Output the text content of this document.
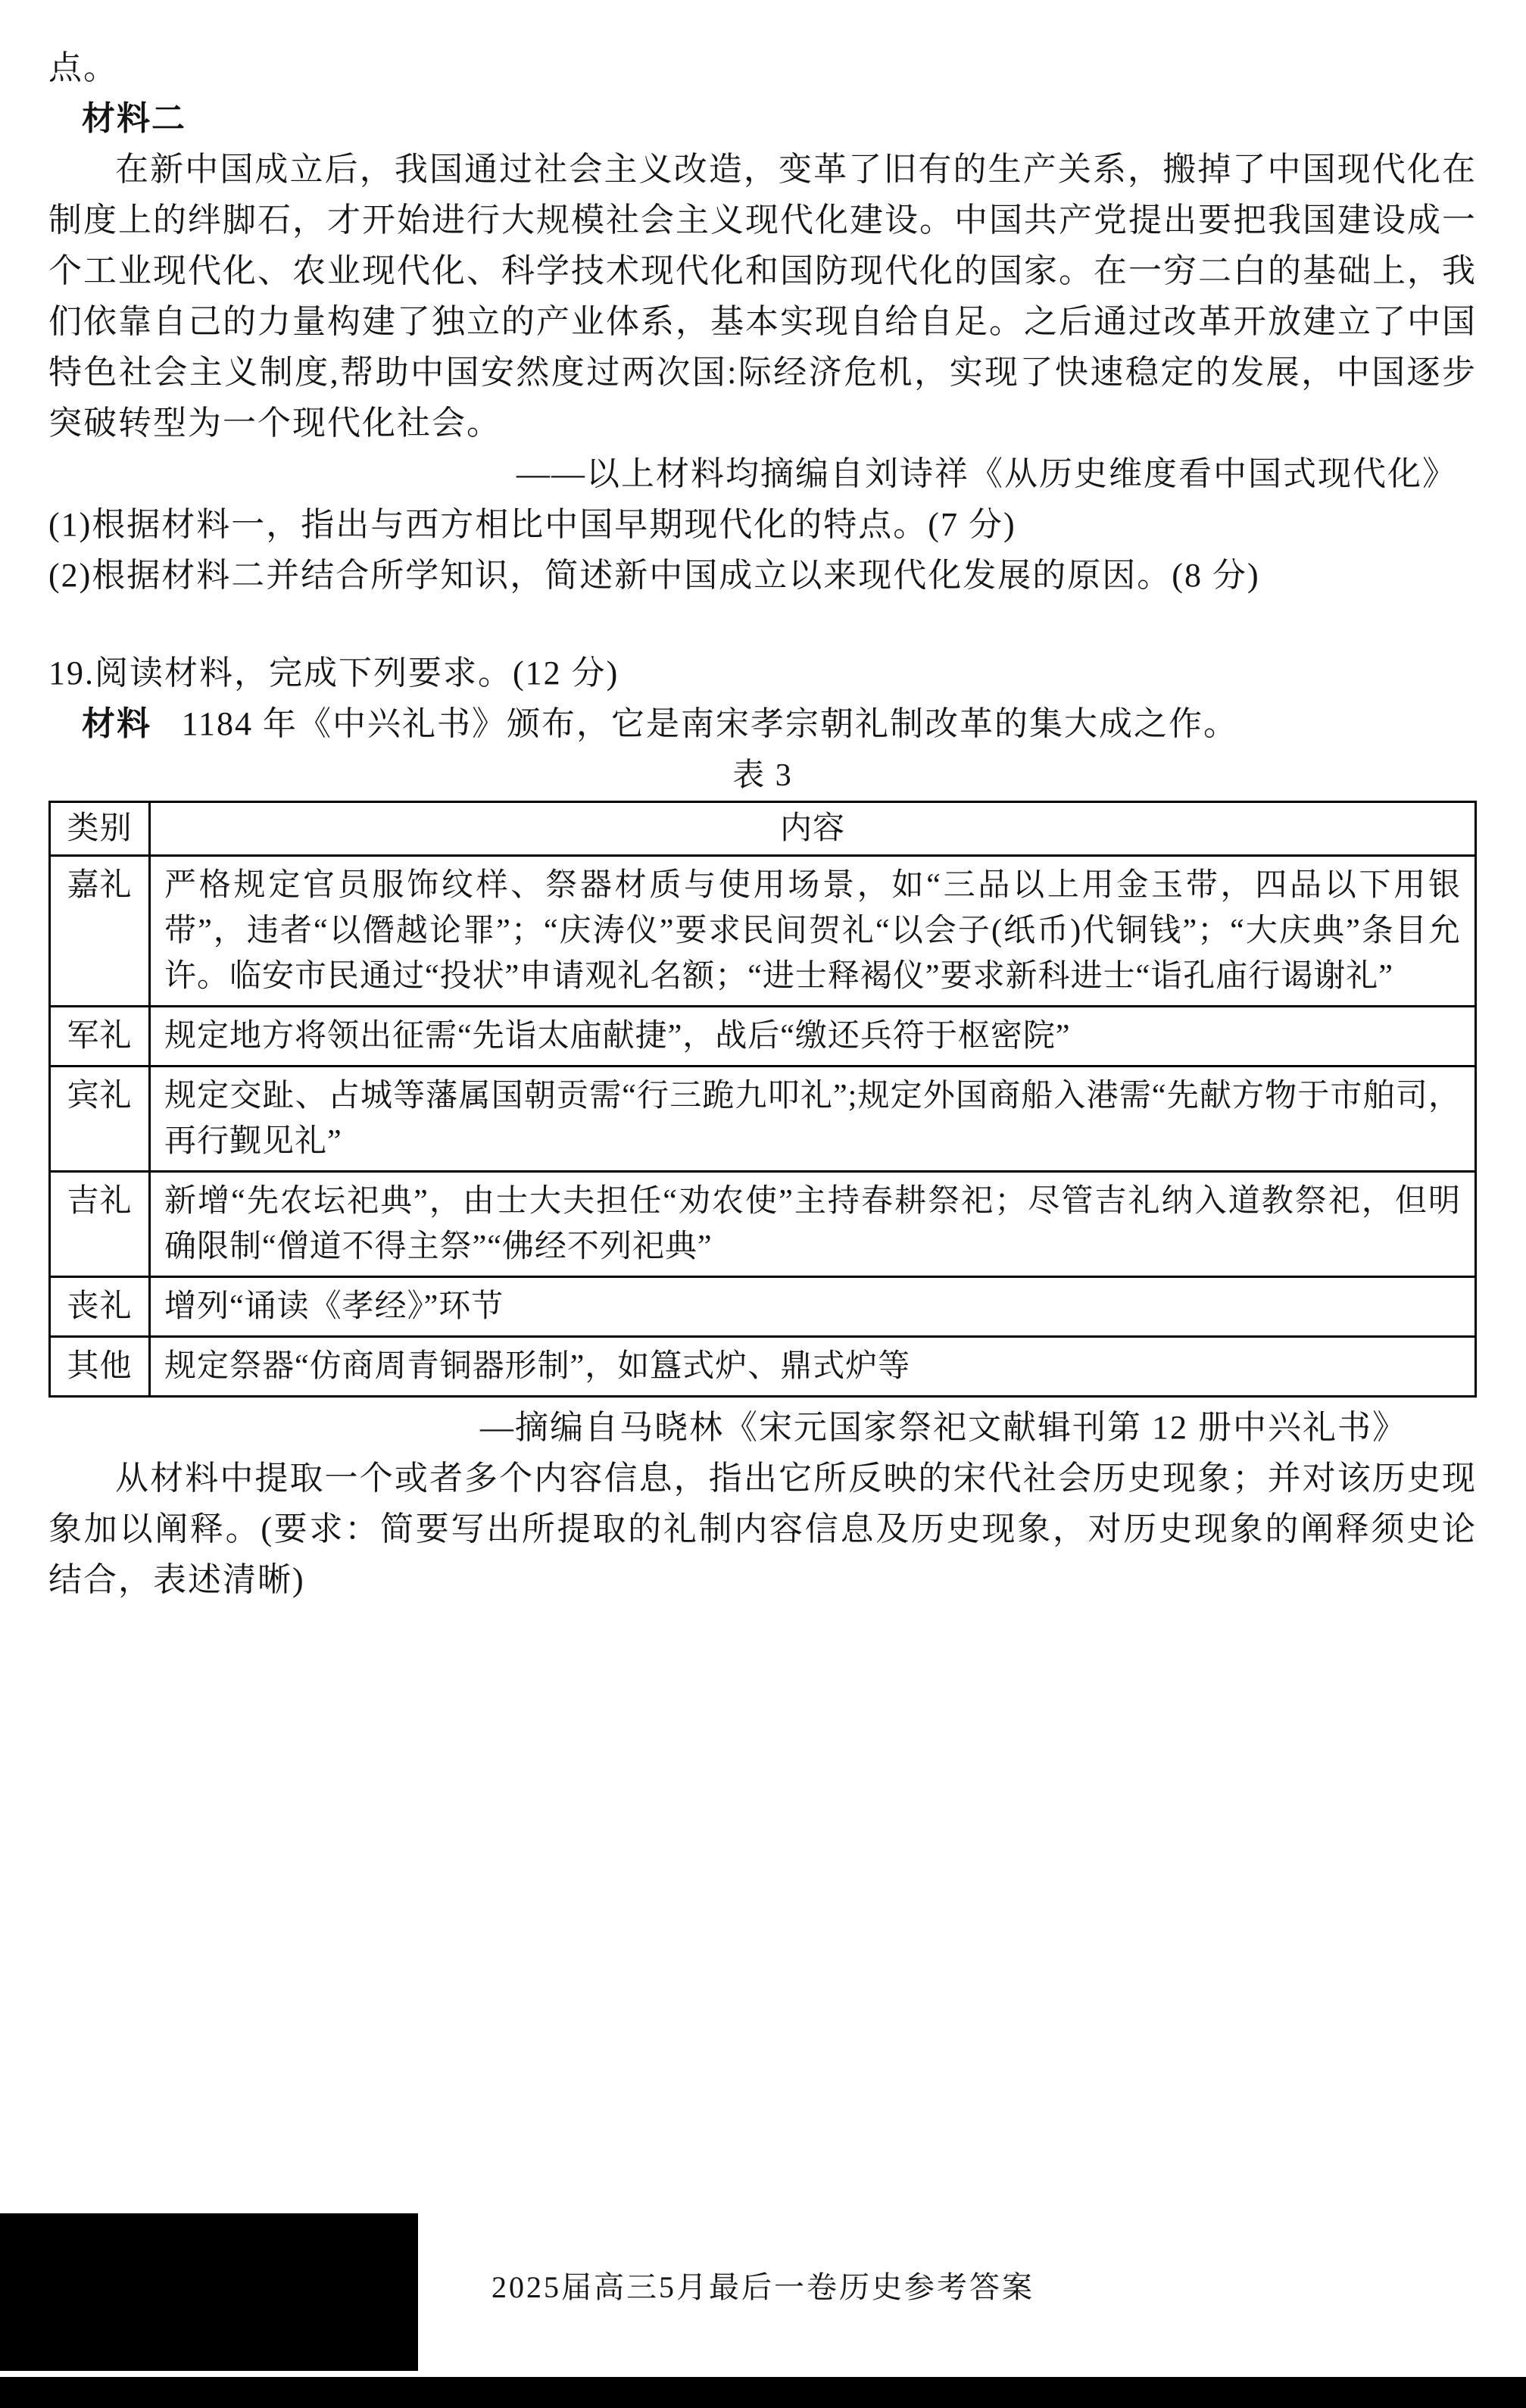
点。

材料二

在新中国成立后，我国通过社会主义改造，变革了旧有的生产关系，搬掉了中国现代化在制度上的绊脚石，才开始进行大规模社会主义现代化建设。中国共产党提出要把我国建设成一个工业现代化、农业现代化、科学技术现代化和国防现代化的国家。在一穷二白的基础上，我们依靠自己的力量构建了独立的产业体系，基本实现自给自足。之后通过改革开放建立了中国特色社会主义制度,帮助中国安然度过两次国:际经济危机，实现了快速稳定的发展，中国逐步突破转型为一个现代化社会。

——以上材料均摘编自刘诗祥《从历史维度看中国式现代化》

(1)根据材料一，指出与西方相比中国早期现代化的特点。(7 分)

(2)根据材料二并结合所学知识，简述新中国成立以来现代化发展的原因。(8 分)

19.阅读材料，完成下列要求。(12 分)

材料 1184 年《中兴礼书》颁布，它是南宋孝宗朝礼制改革的集大成之作。

表 3

类别	内容
嘉礼	严格规定官员服饰纹样、祭器材质与使用场景，如“三品以上用金玉带，四品以下用银带”，违者“以僭越论罪”；“庆涛仪”要求民间贺礼“以会子(纸币)代铜钱”；“大庆典”条目允许。临安市民通过“投状”申请观礼名额；“进士释褐仪”要求新科进士“诣孔庙行谒谢礼”
军礼	规定地方将领出征需“先诣太庙献捷”，战后“缴还兵符于枢密院”
宾礼	规定交趾、占城等藩属国朝贡需“行三跪九叩礼”;规定外国商船入港需“先献方物于市舶司，再行觐见礼”
吉礼	新增“先农坛祀典”，由士大夫担任“劝农使”主持春耕祭祀；尽管吉礼纳入道教祭祀，但明确限制“僧道不得主祭”“佛经不列祀典”
丧礼	增列“诵读《孝经》”环节
其他	规定祭器“仿商周青铜器形制”，如簋式炉、鼎式炉等

—摘编自马晓林《宋元国家祭祀文献辑刊第 12 册中兴礼书》

从材料中提取一个或者多个内容信息，指出它所反映的宋代社会历史现象；并对该历史现象加以阐释。(要求：简要写出所提取的礼制内容信息及历史现象，对历史现象的阐释须史论结合，表述清晰)

2025届高三5月最后一卷历史参考答案
